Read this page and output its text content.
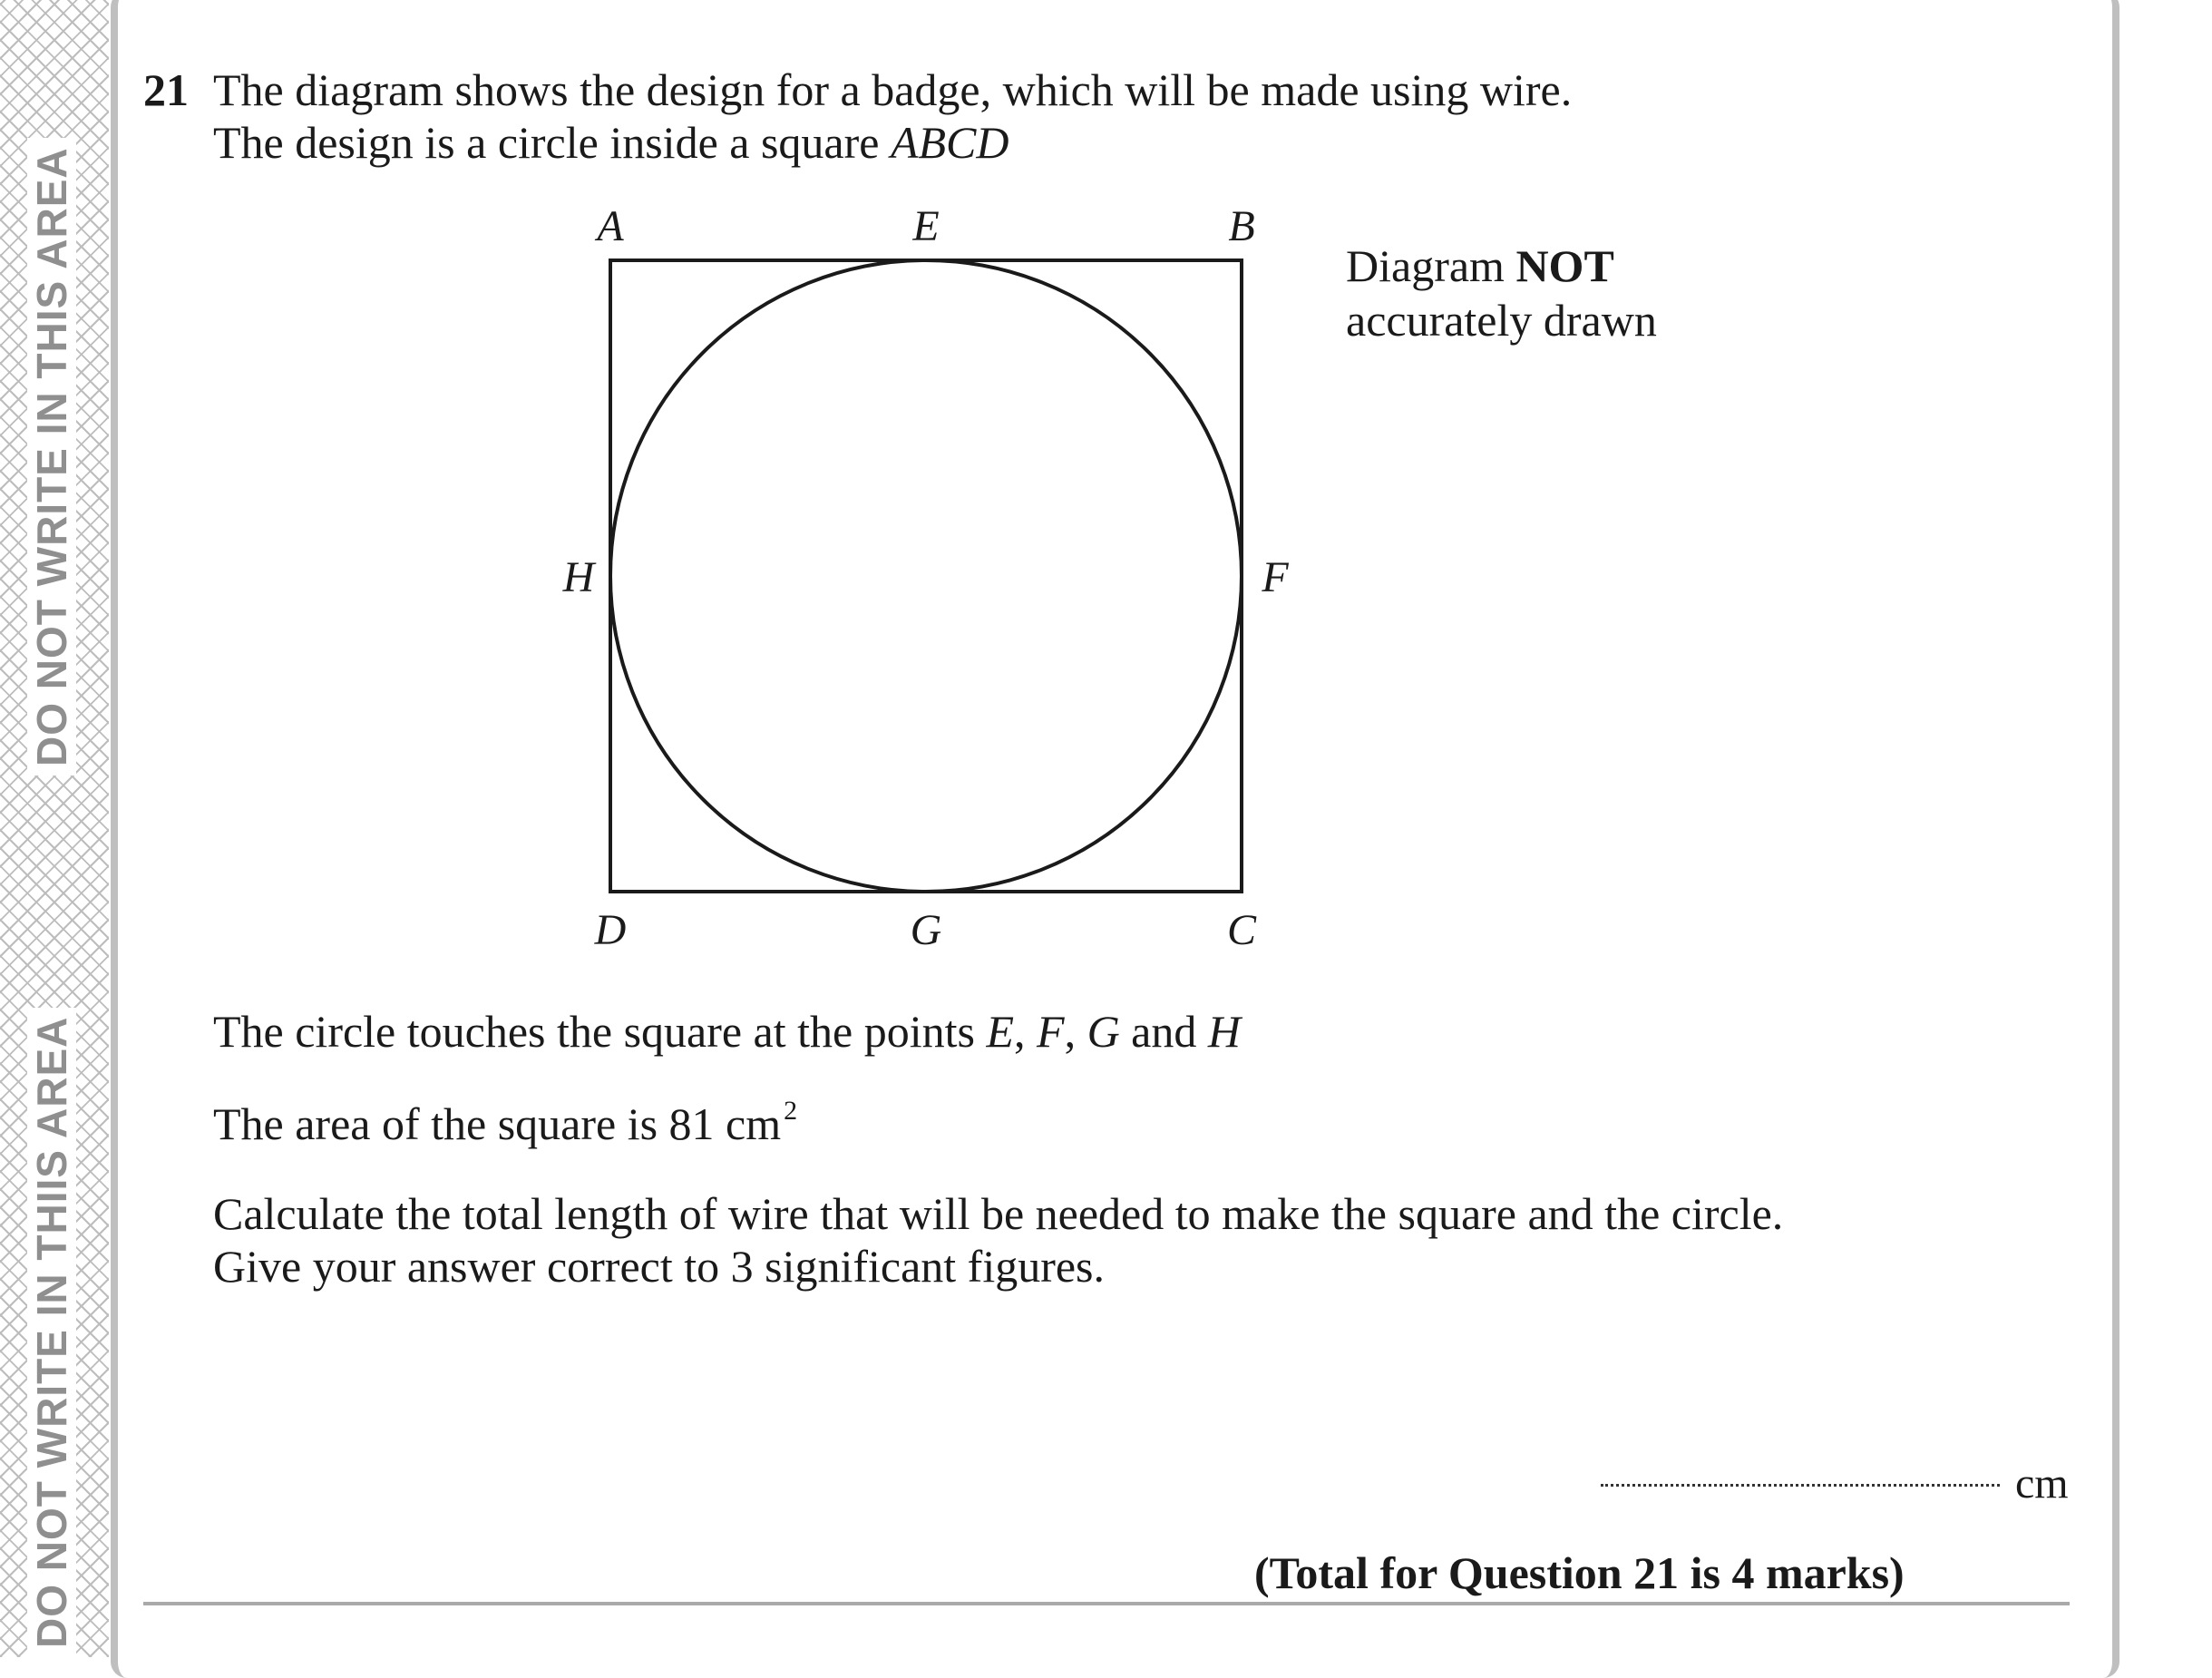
DO NOT WRITE IN THIS AREA
DO NOT WRITE IN THIIS AREA
21 The diagram shows the design for a badge, which will be made using wire.
The design is a circle inside a square ABCD
A	E	B
H	F
D	G	C
Diagram NOT
accurately drawn
The circle touches the square at the points E, F, G and H
The area of the square is 81 cm $^2$
Calculate the total length of wire that will be needed to make the square and the circle.
Give your answer correct to 3 significant figures.
cm
(Total for Question 21 is 4 marks)
